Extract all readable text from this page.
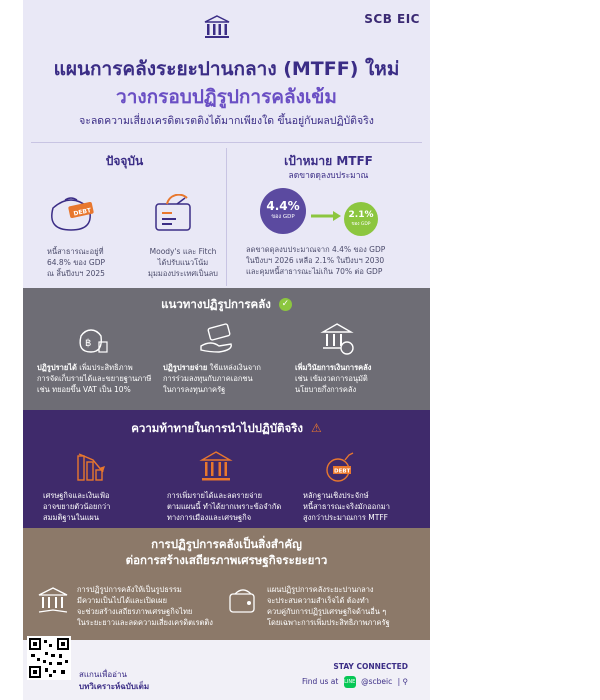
SCB EIC
แผนการคลังระยะปานกลาง (MTFF) ใหม่
วางกรอบปฏิรูปการคลังเข้ม
จะลดความเสี่ยงเครดิตเรตติงได้มากเพียงใด ขึ้นอยู่กับผลปฏิบัติจริง
ปัจจุบัน
DEBT
หนี้สาธารณะอยู่ที่
64.8% ของ GDP
ณ สิ้นปีงบฯ 2025
Moody's และ Fitch
ได้ปรับแนวโน้ม
มุมมองประเทศเป็นลบ
เป้าหมาย MTFF
ลดขาดดุลงบประมาณ
4.4%
ของ GDP	2.1%
ของ GDP
ลดขาดดุลงบประมาณจาก 4.4% ของ GDP
ในปีงบฯ 2026 เหลือ 2.1% ในปีงบฯ 2030
และคุมหนี้สาธารณะไม่เกิน 70% ต่อ GDP
แนวทางปฏิรูปการคลัง ✓
฿
ปฏิรูปรายได้ เพิ่มประสิทธิภาพ
การจัดเก็บรายได้และขยายฐานภาษี
เช่น ทยอยขึ้น VAT เป็น 10%
ปฏิรูปรายจ่าย ใช้แหล่งเงินจาก
การร่วมลงทุนกับภาคเอกชน
ในการลงทุนภาครัฐ
เพิ่มวินัยการเงินการคลัง
เช่น เข้มงวดการอนุมัติ
นโยบายกึ่งการคลัง
ความท้าทายในการนำไปปฏิบัติจริง ⚠
เศรษฐกิจและเงินเฟ้อ
อาจขยายตัวน้อยกว่า
สมมติฐานในแผน
การเพิ่มรายได้และลดรายจ่าย
ตามแผนนี้ ทำได้ยากเพราะข้อจำกัด
ทางการเมืองและเศรษฐกิจ
DEBT
หลักฐานเชิงประจักษ์
หนี้สาธารณะจริงมักออกมา
สูงกว่าประมาณการ MTFF
การปฏิรูปการคลังเป็นสิ่งสำคัญ
ต่อการสร้างเสถียรภาพเศรษฐกิจระยะยาว
การปฏิรูปการคลังให้เป็นรูปธรรม
มีความเป็นไปได้และเปิดเผย
จะช่วยสร้างเสถียรภาพเศรษฐกิจไทย
ในระยะยาวและลดความเสี่ยงเครดิตเรตติง
แผนปฏิรูปการคลังระยะปานกลาง
จะประสบความสำเร็จได้ ต้องทำ
ควบคู่กับการปฏิรูปเศรษฐกิจด้านอื่น ๆ
โดยเฉพาะการเพิ่มประสิทธิภาพภาครัฐ
สแกนเพื่ออ่าน
บทวิเคราะห์ฉบับเต็ม
STAY CONNECTED
Find us at LINE @scbeic | ⚲
